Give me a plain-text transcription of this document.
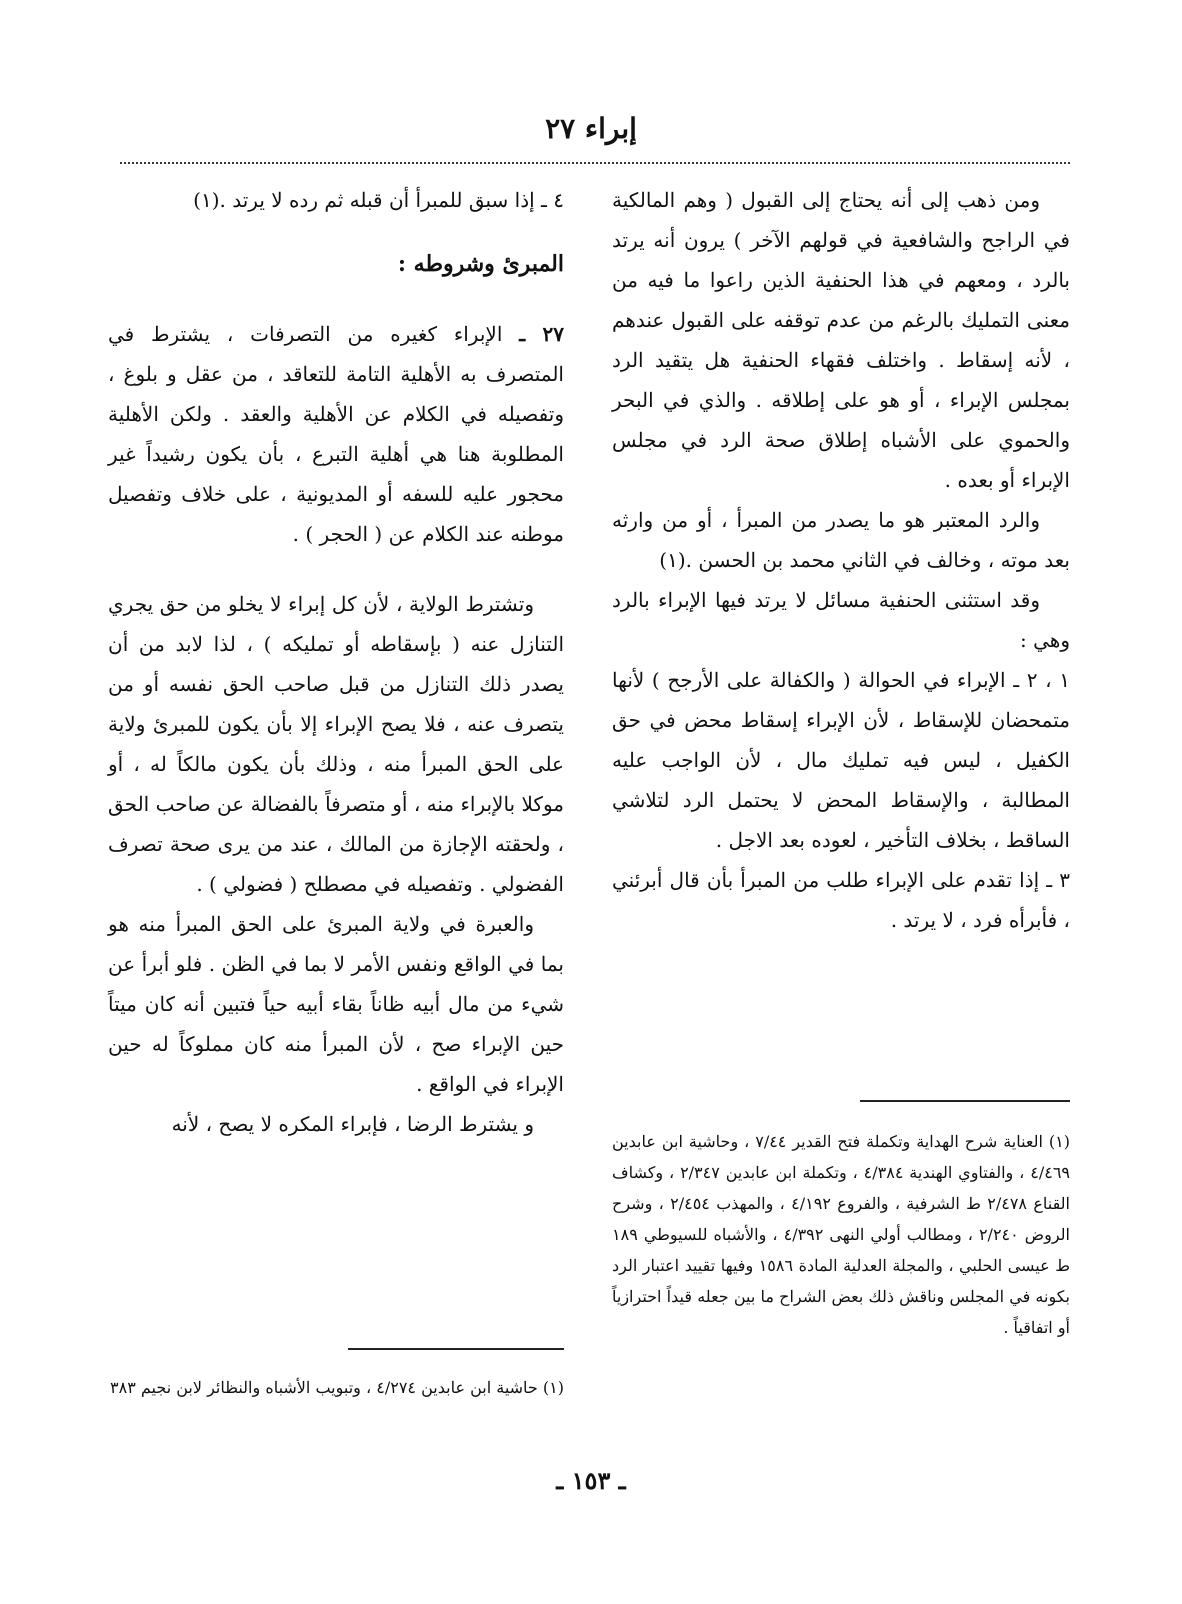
إبراء ٢٧

ومن ذهب إلى أنه يحتاج إلى القبول ( وهم المالكية في الراجح والشافعية في قولهم الآخر ) يرون أنه يرتد بالرد ، ومعهم في هذا الحنفية الذين راعوا ما فيه من معنى التمليك بالرغم من عدم توقفه على القبول عندهم ، لأنه إسقاط . واختلف فقهاء الحنفية هل يتقيد الرد بمجلس الإبراء ، أو هو على إطلاقه . والذي في البحر والحموي على الأشباه إطلاق صحة الرد في مجلس الإبراء أو بعده .

والرد المعتبر هو ما يصدر من المبرأ ، أو من وارثه بعد موته ، وخالف في الثاني محمد بن الحسن .(١)

وقد استثنى الحنفية مسائل لا يرتد فيها الإبراء بالرد وهي :

١ ، ٢ ـ الإبراء في الحوالة ( والكفالة على الأرجح ) لأنها متمحضان للإسقاط ، لأن الإبراء إسقاط محض في حق الكفيل ، ليس فيه تمليك مال ، لأن الواجب عليه المطالبة ، والإسقاط المحض لا يحتمل الرد لتلاشي الساقط ، بخلاف التأخير ، لعوده بعد الاجل .

٣ ـ إذا تقدم على الإبراء طلب من المبرأ بأن قال أبرئني ، فأبرأه فرد ، لا يرتد .

٤ ـ إذا سبق للمبرأ أن قبله ثم رده لا يرتد .(١)

المبرئ وشروطه :

٢٧ ـ الإبراء كغيره من التصرفات ، يشترط في المتصرف به الأهلية التامة للتعاقد ، من عقل و بلوغ ، وتفصيله في الكلام عن الأهلية والعقد . ولكن الأهلية المطلوبة هنا هي أهلية التبرع ، بأن يكون رشيداً غير محجور عليه للسفه أو المديونية ، على خلاف وتفصيل موطنه عند الكلام عن ( الحجر ) .

وتشترط الولاية ، لأن كل إبراء لا يخلو من حق يجري التنازل عنه ( بإسقاطه أو تمليكه ) ، لذا لابد من أن يصدر ذلك التنازل من قبل صاحب الحق نفسه أو من يتصرف عنه ، فلا يصح الإبراء إلا بأن يكون للمبرئ ولاية على الحق المبرأ منه ، وذلك بأن يكون مالكاً له ، أو موكلا بالإبراء منه ، أو متصرفاً بالفضالة عن صاحب الحق ، ولحقته الإجازة من المالك ، عند من يرى صحة تصرف الفضولي . وتفصيله في مصطلح ( فضولي ) .

والعبرة في ولاية المبرئ على الحق المبرأ منه هو بما في الواقع ونفس الأمر لا بما في الظن . فلو أبرأ عن شيء من مال أبيه ظاناً بقاء أبيه حياً فتبين أنه كان ميتاً حين الإبراء صح ، لأن المبرأ منه كان مملوكاً له حين الإبراء في الواقع .

و يشترط الرضا ، فإبراء المكره لا يصح ، لأنه

(١) العناية شرح الهداية وتكملة فتح القدير ٧/٤٤ ، وحاشية ابن عابدين ٤/٤٦٩ ، والفتاوي الهندية ٤/٣٨٤ ، وتكملة ابن عابدين ٢/٣٤٧ ، وكشاف القناع ٢/٤٧٨ ط الشرفية ، والفروع ٤/١٩٢ ، والمهذب ٢/٤٥٤ ، وشرح الروض ٢/٢٤٠ ، ومطالب أولي النهى ٤/٣٩٢ ، والأشباه للسيوطي ١٨٩ ط عيسى الحلبي ، والمجلة العدلية المادة ١٥٨٦ وفيها تقييد اعتبار الرد بكونه في المجلس وناقش ذلك بعض الشراح ما بين جعله قيداً احترازياً أو اتفاقياً .
(١) حاشية ابن عابدين ٤/٢٧٤ ، وتبويب الأشباه والنظائر لابن نجيم ٣٨٣
ـ ١٥٣ ـ
